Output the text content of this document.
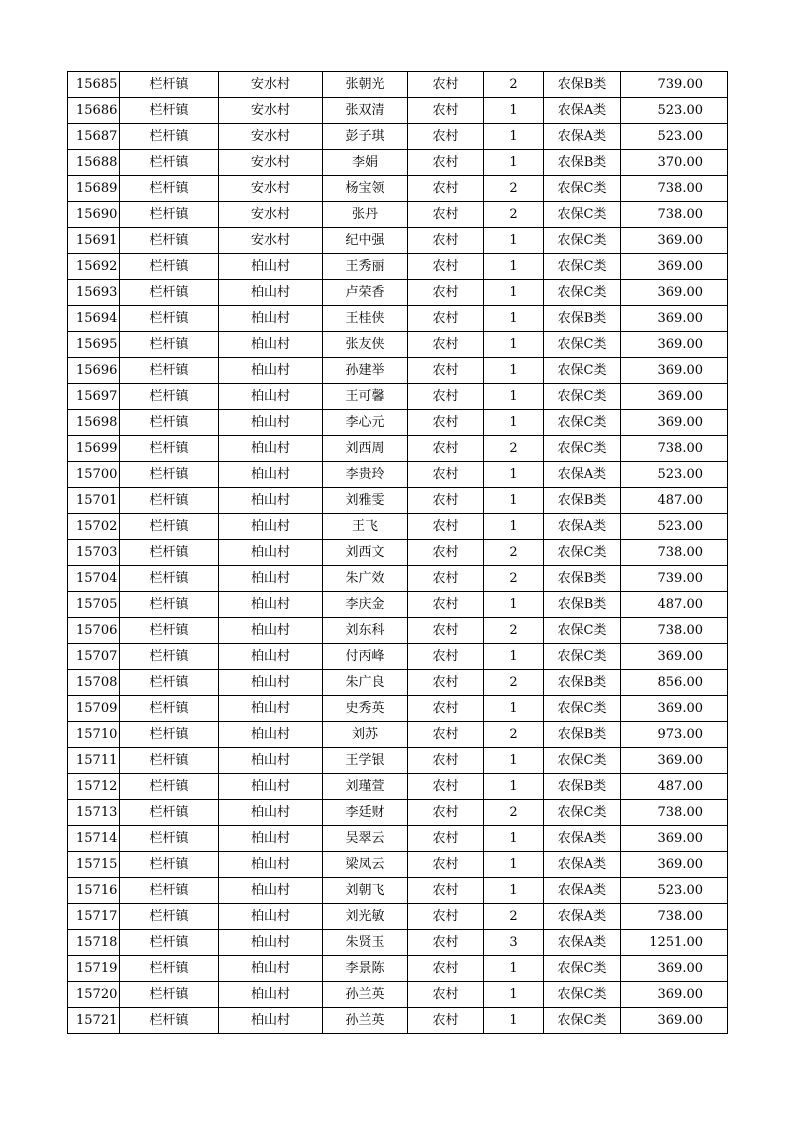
15685	栏杆镇	安水村	张朝光	农村	2	农保B类	739.00
15686	栏杆镇	安水村	张双清	农村	1	农保A类	523.00
15687	栏杆镇	安水村	彭子琪	农村	1	农保A类	523.00
15688	栏杆镇	安水村	李娟	农村	1	农保B类	370.00
15689	栏杆镇	安水村	杨宝领	农村	2	农保C类	738.00
15690	栏杆镇	安水村	张丹	农村	2	农保C类	738.00
15691	栏杆镇	安水村	纪中强	农村	1	农保C类	369.00
15692	栏杆镇	柏山村	王秀丽	农村	1	农保C类	369.00
15693	栏杆镇	柏山村	卢荣香	农村	1	农保C类	369.00
15694	栏杆镇	柏山村	王桂侠	农村	1	农保B类	369.00
15695	栏杆镇	柏山村	张友侠	农村	1	农保C类	369.00
15696	栏杆镇	柏山村	孙建举	农村	1	农保C类	369.00
15697	栏杆镇	柏山村	王可馨	农村	1	农保C类	369.00
15698	栏杆镇	柏山村	李心元	农村	1	农保C类	369.00
15699	栏杆镇	柏山村	刘西周	农村	2	农保C类	738.00
15700	栏杆镇	柏山村	李贵玲	农村	1	农保A类	523.00
15701	栏杆镇	柏山村	刘雅雯	农村	1	农保B类	487.00
15702	栏杆镇	柏山村	王飞	农村	1	农保A类	523.00
15703	栏杆镇	柏山村	刘西文	农村	2	农保C类	738.00
15704	栏杆镇	柏山村	朱广效	农村	2	农保B类	739.00
15705	栏杆镇	柏山村	李庆金	农村	1	农保B类	487.00
15706	栏杆镇	柏山村	刘东科	农村	2	农保C类	738.00
15707	栏杆镇	柏山村	付丙峰	农村	1	农保C类	369.00
15708	栏杆镇	柏山村	朱广良	农村	2	农保B类	856.00
15709	栏杆镇	柏山村	史秀英	农村	1	农保C类	369.00
15710	栏杆镇	柏山村	刘苏	农村	2	农保B类	973.00
15711	栏杆镇	柏山村	王学银	农村	1	农保C类	369.00
15712	栏杆镇	柏山村	刘瑾萱	农村	1	农保B类	487.00
15713	栏杆镇	柏山村	李廷财	农村	2	农保C类	738.00
15714	栏杆镇	柏山村	吴翠云	农村	1	农保A类	369.00
15715	栏杆镇	柏山村	梁凤云	农村	1	农保A类	369.00
15716	栏杆镇	柏山村	刘朝飞	农村	1	农保A类	523.00
15717	栏杆镇	柏山村	刘光敏	农村	2	农保A类	738.00
15718	栏杆镇	柏山村	朱贤玉	农村	3	农保A类	1251.00
15719	栏杆镇	柏山村	李景陈	农村	1	农保C类	369.00
15720	栏杆镇	柏山村	孙兰英	农村	1	农保C类	369.00
15721	栏杆镇	柏山村	孙兰英	农村	1	农保C类	369.00
